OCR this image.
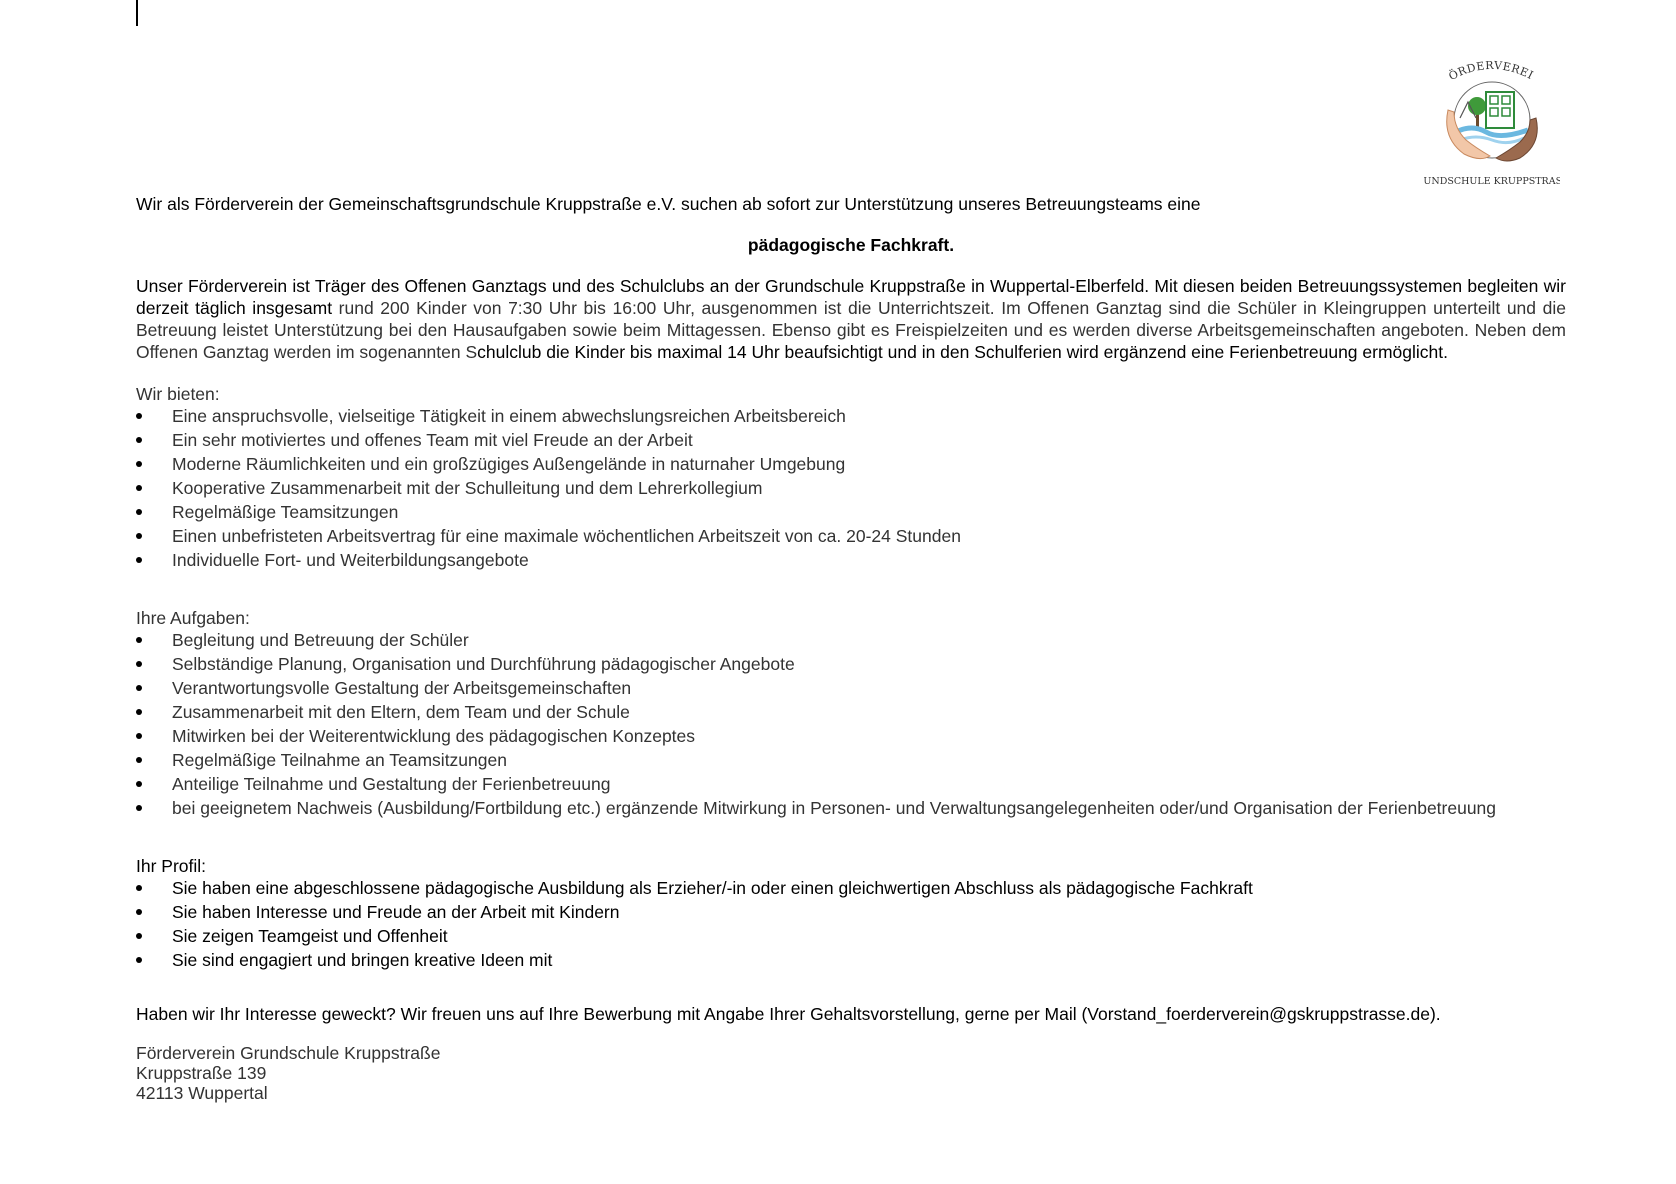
ÖRDERVEREI
UNDSCHULE KRUPPSTRAS

Wir als Förderverein der Gemeinschaftsgrundschule Kruppstraße e.V. suchen ab sofort zur Unterstützung unseres Betreuungsteams eine

pädagogische Fachkraft.

Unser Förderverein ist Träger des Offenen Ganztags und des Schulclubs an der Grundschule Kruppstraße in Wuppertal-Elberfeld. Mit diesen beiden Betreuungssystemen begleiten wir derzeit täglich insgesamt rund 200 Kinder von 7:30 Uhr bis 16:00 Uhr, ausgenommen ist die Unterrichtszeit. Im Offenen Ganztag sind die Schüler in Kleingruppen unterteilt und die Betreuung leistet Unterstützung bei den Hausaufgaben sowie beim Mittagessen. Ebenso gibt es Freispielzeiten und es werden diverse Arbeitsgemeinschaften angeboten. Neben dem Offenen Ganztag werden im sogenannten Schulclub die Kinder bis maximal 14 Uhr beaufsichtigt und in den Schulferien wird ergänzend eine Ferienbetreuung ermöglicht.

Wir bieten:

Eine anspruchsvolle, vielseitige Tätigkeit in einem abwechslungsreichen Arbeitsbereich
Ein sehr motiviertes und offenes Team mit viel Freude an der Arbeit
Moderne Räumlichkeiten und ein großzügiges Außengelände in naturnaher Umgebung
Kooperative Zusammenarbeit mit der Schulleitung und dem Lehrerkollegium
Regelmäßige Teamsitzungen
Einen unbefristeten Arbeitsvertrag für eine maximale wöchentlichen Arbeitszeit von ca. 20-24 Stunden
Individuelle Fort- und Weiterbildungsangebote

Ihre Aufgaben:

Begleitung und Betreuung der Schüler
Selbständige Planung, Organisation und Durchführung pädagogischer Angebote
Verantwortungsvolle Gestaltung der Arbeitsgemeinschaften
Zusammenarbeit mit den Eltern, dem Team und der Schule
Mitwirken bei der Weiterentwicklung des pädagogischen Konzeptes
Regelmäßige Teilnahme an Teamsitzungen
Anteilige Teilnahme und Gestaltung der Ferienbetreuung
bei geeignetem Nachweis (Ausbildung/Fortbildung etc.) ergänzende Mitwirkung in Personen- und Verwaltungsangelegenheiten oder/und Organisation der Ferienbetreuung

Ihr Profil:

Sie haben eine abgeschlossene pädagogische Ausbildung als Erzieher/-in oder einen gleichwertigen Abschluss als pädagogische Fachkraft
Sie haben Interesse und Freude an der Arbeit mit Kindern
Sie zeigen Teamgeist und Offenheit
Sie sind engagiert und bringen kreative Ideen mit

Haben wir Ihr Interesse geweckt? Wir freuen uns auf Ihre Bewerbung mit Angabe Ihrer Gehaltsvorstellung, gerne per Mail (Vorstand_foerderverein@gskruppstrasse.de).

Förderverein Grundschule Kruppstraße
Kruppstraße 139
42113 Wuppertal
